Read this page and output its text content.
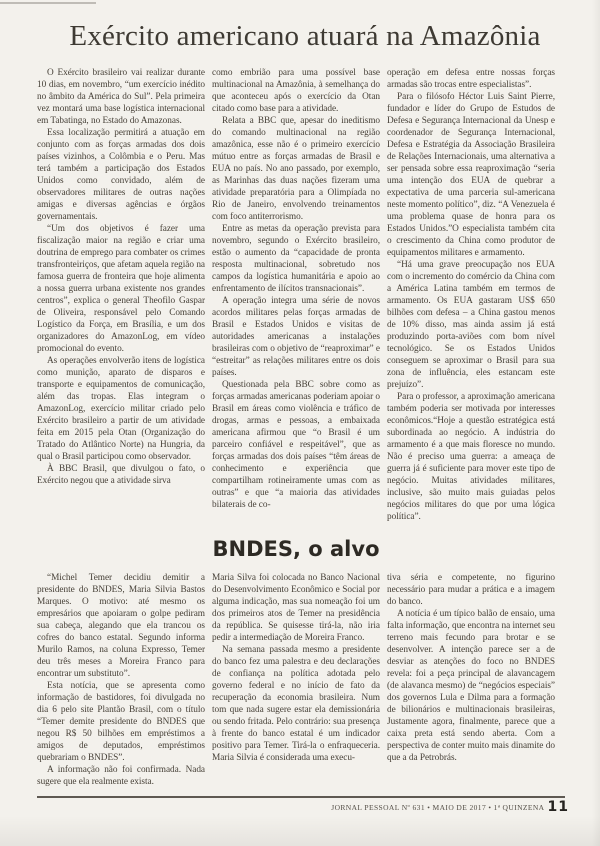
Exército americano atuará na Amazônia

O Exército brasileiro vai realizar durante 10 dias, em novembro, “um exercício inédito no âmbito da América do Sul”. Pela primeira vez montará uma base logística internacional em Tabatinga, no Estado do Amazonas.

Essa localização permitirá a atuação em conjunto com as forças armadas dos dois países vizinhos, a Colômbia e o Peru. Mas terá também a participação dos Estados Unidos como convidado, além de observadores militares de outras nações amigas e diversas agências e órgãos governamentais.

“Um dos objetivos é fazer uma fiscalização maior na região e criar uma doutrina de emprego para combater os crimes transfronteiriços, que afetam aquela região na famosa guerra de fronteira que hoje alimenta a nossa guerra urbana existente nos grandes centros”, explica o general Theofilo Gaspar de Oliveira, responsável pelo Comando Logístico da Força, em Brasília, e um dos organizadores do AmazonLog, em vídeo promocional do evento.

As operações envolverão itens de logística como munição, aparato de disparos e transporte e equipamentos de comunicação, além das tropas. Elas integram o AmazonLog, exercício militar criado pelo Exército brasileiro a partir de um atividade feita em 2015 pela Otan (Organização do Tratado do Atlântico Norte) na Hungria, da qual o Brasil participou como observador.

À BBC Brasil, que divulgou o fato, o Exército negou que a atividade sirva

como embrião para uma possível base multinacional na Amazônia, à semelhança do que aconteceu após o exercício da Otan citado como base para a atividade.

Relata a BBC que, apesar do ineditismo do comando multinacional na região amazônica, esse não é o primeiro exercício mútuo entre as forças armadas de Brasil e EUA no país. No ano passado, por exemplo, as Marinhas das duas nações fizeram uma atividade preparatória para a Olimpíada no Rio de Janeiro, envolvendo treinamentos com foco antiterrorismo.

Entre as metas da operação prevista para novembro, segundo o Exército brasileiro, estão o aumento da “capacidade de pronta resposta multinacional, sobretudo nos campos da logística humanitária e apoio ao enfrentamento de ilícitos transnacionais”.

A operação integra uma série de novos acordos militares pelas forças armadas de Brasil e Estados Unidos e visitas de autoridades americanas a instalações brasileiras com o objetivo de “reaproximar” e “estreitar” as relações militares entre os dois países.

Questionada pela BBC sobre como as forças armadas americanas poderiam apoiar o Brasil em áreas como violência e tráfico de drogas, armas e pessoas, a embaixada americana afirmou que “o Brasil é um parceiro confiável e respeitável”, que as forças armadas dos dois países “têm áreas de conhecimento e experiência que compartilham rotineiramente umas com as outras” e que “a maioria das atividades bilaterais de co-

operação em defesa entre nossas forças armadas são trocas entre especialistas”.

Para o filósofo Héctor Luis Saint Pierre, fundador e líder do Grupo de Estudos de Defesa e Segurança Internacional da Unesp e coordenador de Segurança Internacional, Defesa e Estratégia da Associação Brasileira de Relações Internacionais, uma alternativa a ser pensada sobre essa reaproximação “seria uma intenção dos EUA de quebrar a expectativa de uma parceria sul-americana neste momento político”, diz. “A Venezuela é uma problema quase de honra para os Estados Unidos.”O especialista também cita o crescimento da China como produtor de equipamentos militares e armamento.

“Há uma grave preocupação nos EUA com o incremento do comércio da China com a América Latina também em termos de armamento. Os EUA gastaram US$ 650 bilhões com defesa – a China gastou menos de 10% disso, mas ainda assim já está produzindo porta-aviões com bom nível tecnológico. Se os Estados Unidos conseguem se aproximar o Brasil para sua zona de influência, eles estancam este prejuízo”.

Para o professor, a aproximação americana também poderia ser motivada por interesses econômicos.“Hoje a questão estratégica está subordinada ao negócio. A indústria do armamento é a que mais floresce no mundo. Não é preciso uma guerra: a ameaça de guerra já é suficiente para mover este tipo de negócio. Muitas atividades militares, inclusive, são muito mais guiadas pelos negócios militares do que por uma lógica política”.

BNDES, o alvo

“Michel Temer decidiu demitir a presidente do BNDES, Maria Silvia Bastos Marques. O motivo: até mesmo os empresários que apoiaram o golpe pediram sua cabeça, alegando que ela trancou os cofres do banco estatal. Segundo informa Murilo Ramos, na coluna Expresso, Temer deu três meses a Moreira Franco para encontrar um substituto”.

Esta notícia, que se apresenta como informação de bastidores, foi divulgada no dia 6 pelo site Plantão Brasil, com o título “Temer demite presidente do BNDES que negou R$ 50 bilhões em empréstimos a amigos de deputados, empréstimos quebrariam o BNDES”.

A informação não foi confirmada. Nada sugere que ela realmente exista.

Maria Silva foi colocada no Banco Nacional do Desenvolvimento Econômico e Social por alguma indicação, mas sua nomeação foi um dos primeiros atos de Temer na presidência da república. Se quisesse tirá-la, não iria pedir a intermediação de Moreira Franco.

Na semana passada mesmo a presidente do banco fez uma palestra e deu declarações de confiança na política adotada pelo governo federal e no início de fato da recuperação da economia brasileira. Num tom que nada sugere estar ela demissionária ou sendo fritada. Pelo contrário: sua presença à frente do banco estatal é um indicador positivo para Temer. Tirá-la o enfraqueceria. Maria Silvia é considerada uma execu-

tiva séria e competente, no figurino necessário para mudar a prática e a imagem do banco.

A notícia é um típico balão de ensaio, uma falta informação, que encontra na internet seu terreno mais fecundo para brotar e se desenvolver. A intenção parece ser a de desviar as atenções do foco no BNDES revela: foi a peça principal de alavancagem (de alavanca mesmo) de “negócios especiais” dos governos Lula e Dilma para a formação de bilionários e multinacionais brasileiras, Justamente agora, finalmente, parece que a caixa preta está sendo aberta. Com a perspectiva de conter muito mais dinamite do que a da Petrobrás.

JORNAL PESSOAL Nº 631 • MAIO DE 2017 • 1ª QUINZENA 11
